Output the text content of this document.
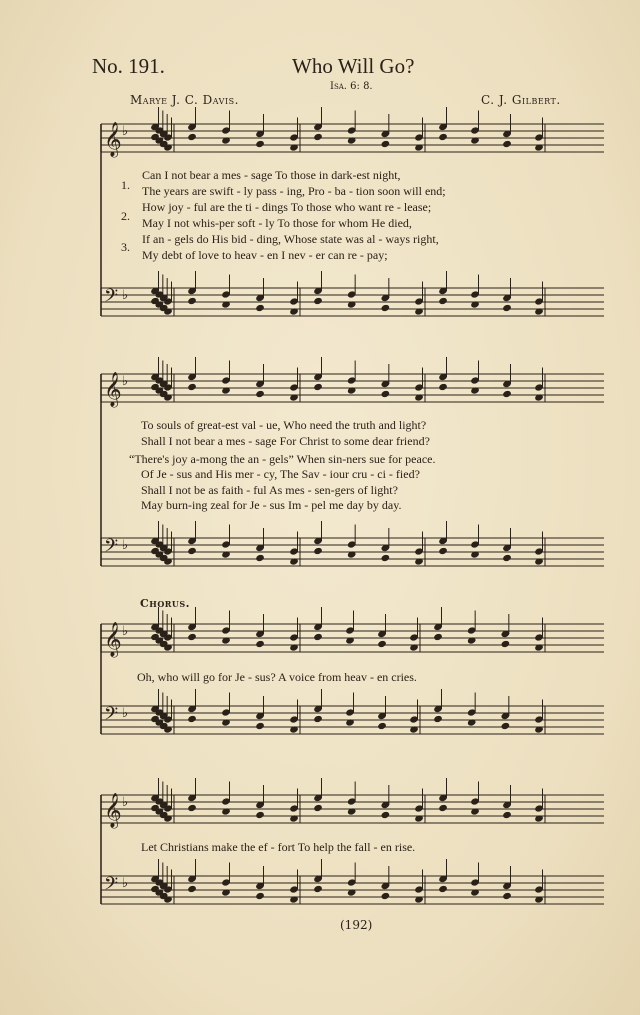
No. 191.	Who Will Go?
Isa. 6: 8.
Marye J. C. Davis.	C. J. Gilbert.
𝄞 ♭
𝄢 ♭
𝄞 ♭
𝄢 ♭
𝄞 ♭
𝄢 ♭
𝄞 ♭
𝄢 ♭
1.
2.
3.
Can I not bear a mes - sage To those in dark-est night,
The years are swift - ly pass - ing, Pro - ba - tion soon will end;
How joy - ful are the ti - dings To those who want re - lease;
May I not whis-per soft - ly To those for whom He died,
If an - gels do His bid - ding, Whose state was al - ways right,
My debt of love to heav - en I nev - er can re - pay;
To souls of great-est val - ue, Who need the truth and light?
Shall I not bear a mes - sage For Christ to some dear friend?
“There's joy a-mong the an - gels” When sin-ners sue for peace.
Of Je - sus and His mer - cy, The Sav - iour cru - ci - fied?
Shall I not be as faith - ful As mes - sen-gers of light?
May burn-ing zeal for Je - sus Im - pel me day by day.
Chorus.
Oh, who will go for Je - sus? A voice from heav - en cries.
Let Christians make the ef - fort To help the fall - en rise.
(192)
